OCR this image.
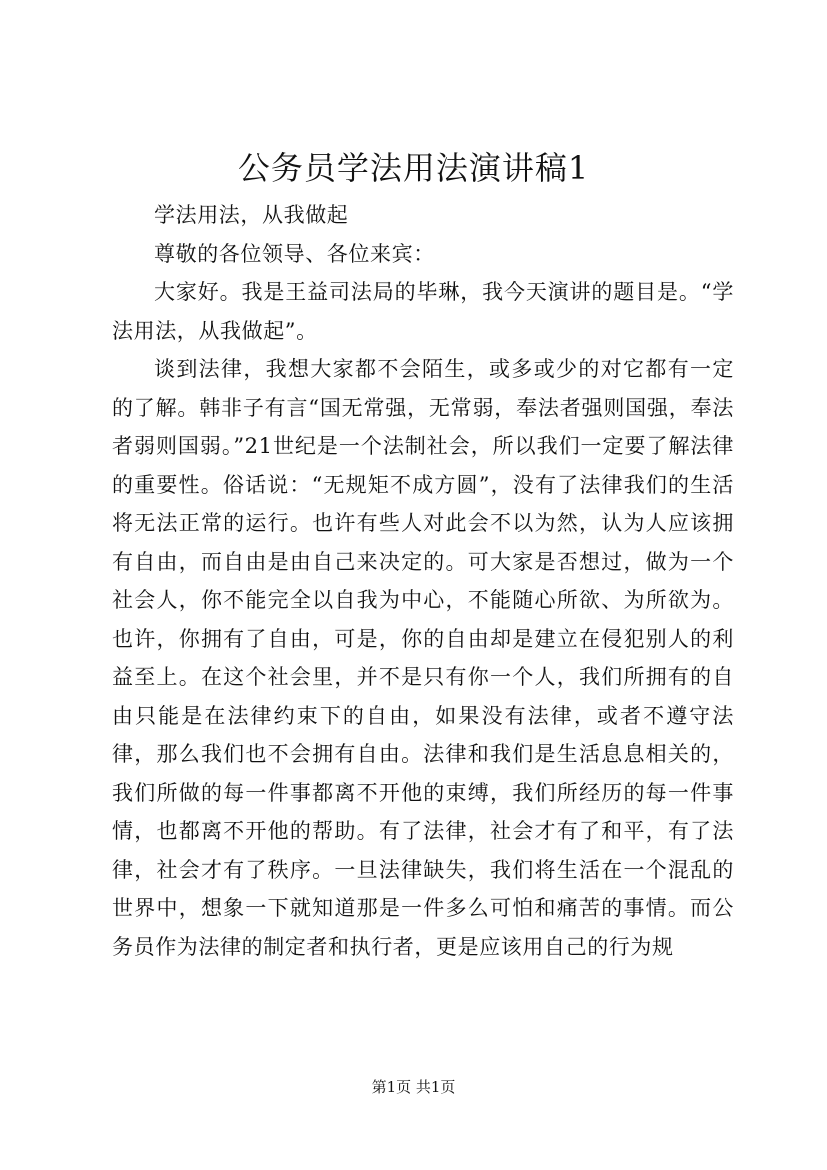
公务员学法用法演讲稿1

学法用法，从我做起

尊敬的各位领导、各位来宾：

大家好。我是王益司法局的毕琳，我今天演讲的题目是。“学法用法，从我做起”。

谈到法律，我想大家都不会陌生，或多或少的对它都有一定的了解。韩非子有言“国无常强，无常弱，奉法者强则国强，奉法者弱则国弱。”21世纪是一个法制社会，所以我们一定要了解法律的重要性。俗话说：“无规矩不成方圆”，没有了法律我们的生活将无法正常的运行。也许有些人对此会不以为然，认为人应该拥有自由，而自由是由自己来决定的。可大家是否想过，做为一个社会人，你不能完全以自我为中心，不能随心所欲、为所欲为。也许，你拥有了自由，可是，你的自由却是建立在侵犯别人的利益至上。在这个社会里，并不是只有你一个人，我们所拥有的自由只能是在法律约束下的自由，如果没有法律，或者不遵守法律，那么我们也不会拥有自由。法律和我们是生活息息相关的，我们所做的每一件事都离不开他的束缚，我们所经历的每一件事情，也都离不开他的帮助。有了法律，社会才有了和平，有了法律，社会才有了秩序。一旦法律缺失，我们将生活在一个混乱的世界中，想象一下就知道那是一件多么可怕和痛苦的事情。而公务员作为法律的制定者和执行者，更是应该用自己的行为规

第1页 共1页
